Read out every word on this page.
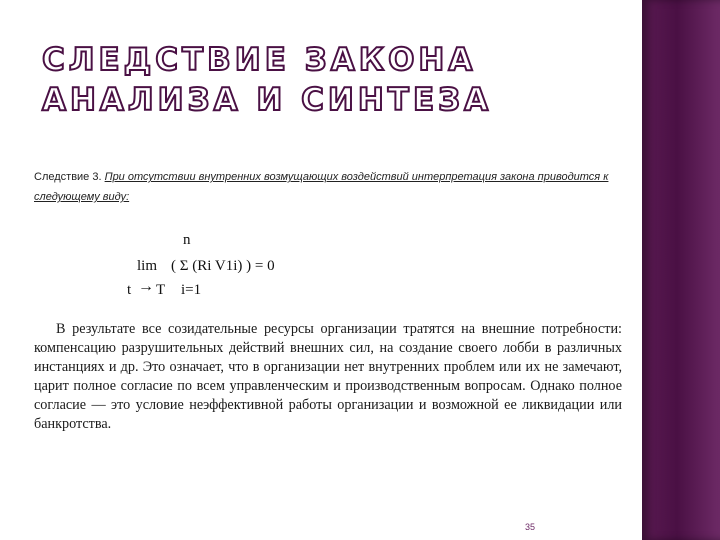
СЛЕДСТВИЕ ЗАКОНА АНАЛИЗА И СИНТЕЗА
Следствие 3. При отсутствии внутренних возмущающих воздействий интерпретация закона приводится к следующему виду:
n
lim ( Σ (Ri V1i) ) = 0
t → T i=1

В результате все созидательные ресурсы организации тратятся на внешние потребности: компенсацию разрушительных действий внешних сил, на создание своего лобби в различных инстанциях и др. Это означает, что в организации нет внутренних проблем или их не замечают, царит полное согласие по всем управленческим и производственным вопросам. Однако полное согласие — это условие неэффективной работы организации и возможной ее ликвидации или банкротства.

35
